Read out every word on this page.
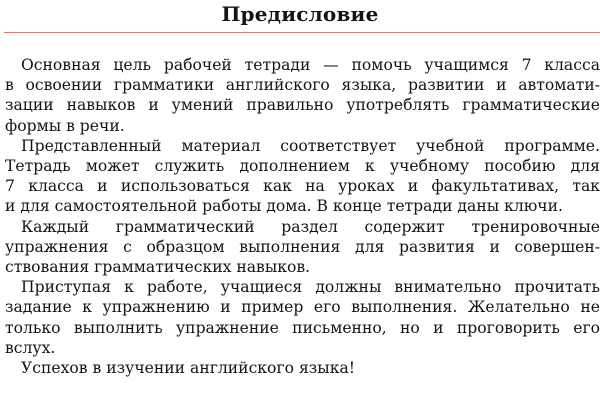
Предисловие
Основная цель рабочей тетради — помочь учащимся 7 класса
в освоении грамматики английского языка, развитии и автомати-
зации навыков и умений правильно употреблять грамматические
формы в речи.
Представленный материал соответствует учебной программе.
Тетрадь может служить дополнением к учебному пособию для
7 класса и использоваться как на уроках и факультативах, так
и для самостоятельной работы дома. В конце тетради даны ключи.
Каждый грамматический раздел содержит тренировочные
упражнения с образцом выполнения для развития и совершен-
ствования грамматических навыков.
Приступая к работе, учащиеся должны внимательно прочитать
задание к упражнению и пример его выполнения. Желательно не
только выполнить упражнение письменно, но и проговорить его
вслух.
Успехов в изучении английского языка!
